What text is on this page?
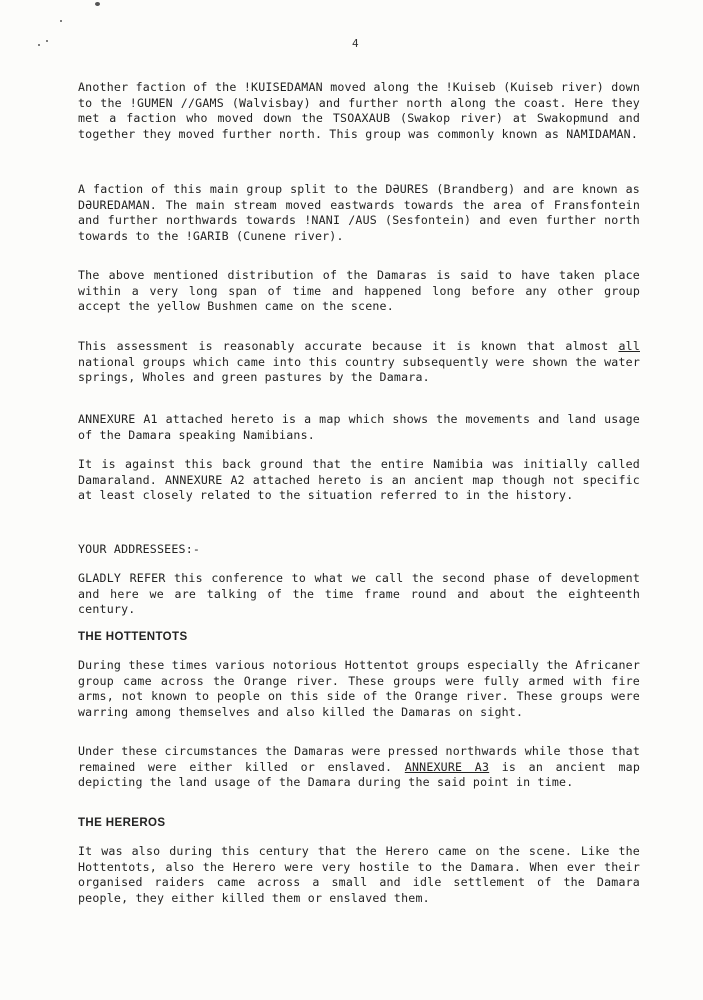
4

Another faction of the !KUISEDAMAN moved along the !Kuiseb (Kuiseb river) down to the !GUMEN //GAMS (Walvisbay) and further north along the coast. Here they met a faction who moved down the TSOAXAUB (Swakop river) at Swakopmund and together they moved further north. This group was commonly known as NAMIDAMAN.

A faction of this main group split to the DƏURES (Brandberg) and are known as DƏUREDAMAN. The main stream moved eastwards towards the area of Fransfontein and further northwards towards !NANI /AUS (Sesfontein) and even further north towards to the !GARIB (Cunene river).

The above mentioned distribution of the Damaras is said to have taken place within a very long span of time and happened long before any other group accept the yellow Bushmen came on the scene.

This assessment is reasonably accurate because it is known that almost all national groups which came into this country subsequently were shown the water springs, Wholes and green pastures by the Damara.

ANNEXURE A1 attached hereto is a map which shows the movements and land usage of the Damara speaking Namibians.

It is against this back ground that the entire Namibia was initially called Damaraland. ANNEXURE A2 attached hereto is an ancient map though not specific at least closely related to the situation referred to in the history.

YOUR ADDRESSEES:-

GLADLY REFER this conference to what we call the second phase of development and here we are talking of the time frame round and about the eighteenth century.

THE HOTTENTOTS

During these times various notorious Hottentot groups especially the Africaner group came across the Orange river. These groups were fully armed with fire arms, not known to people on this side of the Orange river. These groups were warring among themselves and also killed the Damaras on sight.

Under these circumstances the Damaras were pressed northwards while those that remained were either killed or enslaved. ANNEXURE A3 is an ancient map depicting the land usage of the Damara during the said point in time.

THE HEREROS

It was also during this century that the Herero came on the scene. Like the Hottentots, also the Herero were very hostile to the Damara. When ever their organised raiders came across a small and idle settlement of the Damara people, they either killed them or enslaved them.
